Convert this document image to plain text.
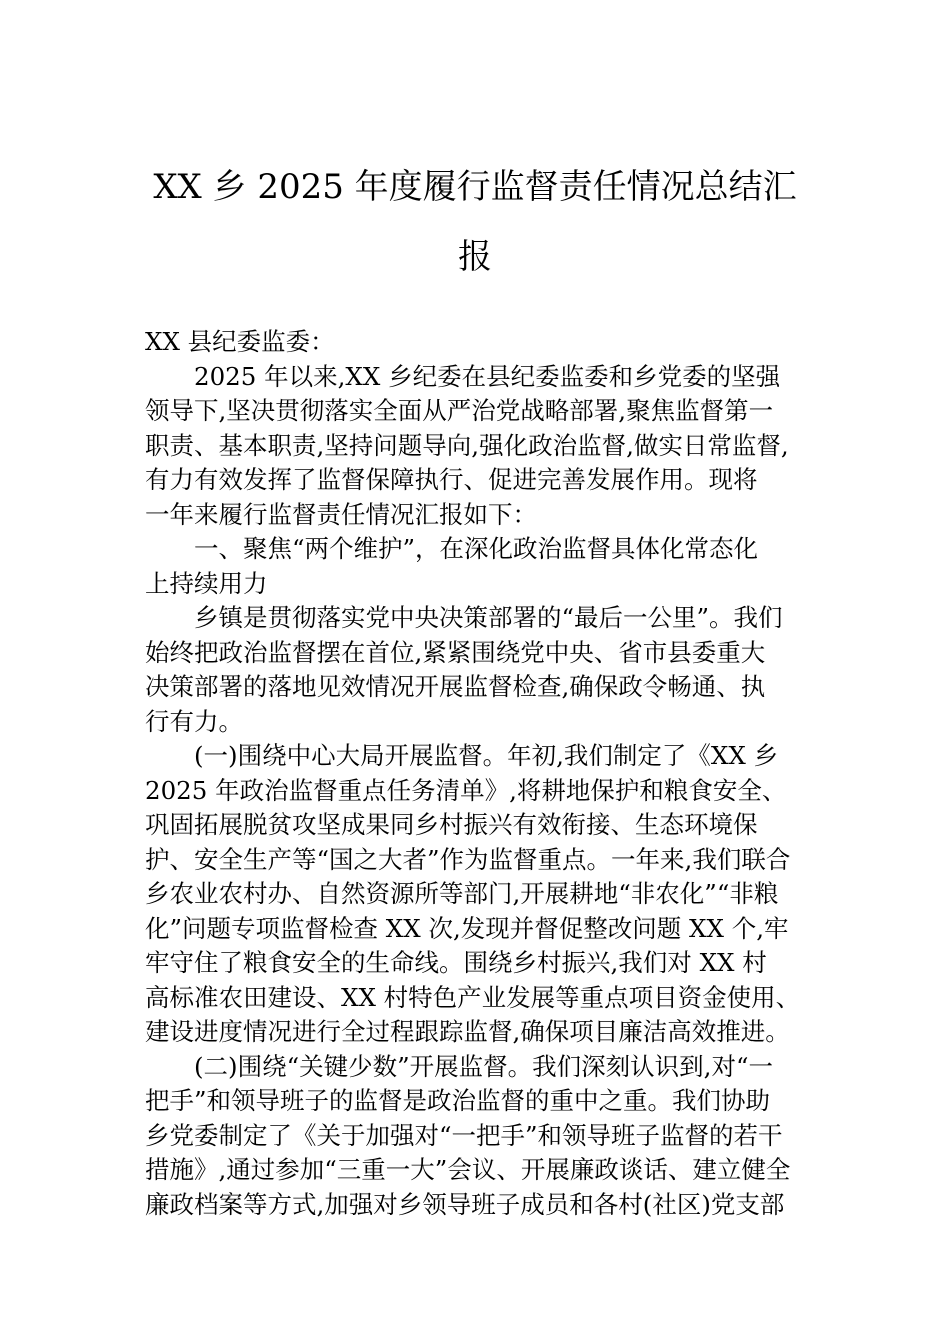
XX 乡 2025 年度履行监督责任情况总结汇
报

XX 县纪委监委：

2025 年以来,XX 乡纪委在县纪委监委和乡党委的坚强
领导下,坚决贯彻落实全面从严治党战略部署,聚焦监督第一
职责、基本职责,坚持问题导向,强化政治监督,做实日常监督,
有力有效发挥了监督保障执行、促进完善发展作用。现将
一年来履行监督责任情况汇报如下：

一、聚焦“两个维护”，在深化政治监督具体化常态化
上持续用力

乡镇是贯彻落实党中央决策部署的“最后一公里”。我们
始终把政治监督摆在首位,紧紧围绕党中央、省市县委重大
决策部署的落地见效情况开展监督检查,确保政令畅通、执
行有力。

(一)围绕中心大局开展监督。年初,我们制定了《XX 乡
2025 年政治监督重点任务清单》,将耕地保护和粮食安全、
巩固拓展脱贫攻坚成果同乡村振兴有效衔接、生态环境保
护、安全生产等“国之大者”作为监督重点。一年来,我们联合
乡农业农村办、自然资源所等部门,开展耕地“非农化”“非粮
化”问题专项监督检查 XX 次,发现并督促整改问题 XX 个,牢
牢守住了粮食安全的生命线。围绕乡村振兴,我们对 XX 村
高标准农田建设、XX 村特色产业发展等重点项目资金使用、
建设进度情况进行全过程跟踪监督,确保项目廉洁高效推进。

(二)围绕“关键少数”开展监督。我们深刻认识到,对“一
把手”和领导班子的监督是政治监督的重中之重。我们协助
乡党委制定了《关于加强对“一把手”和领导班子监督的若干
措施》,通过参加“三重一大”会议、开展廉政谈话、建立健全
廉政档案等方式,加强对乡领导班子成员和各村(社区)党支部
